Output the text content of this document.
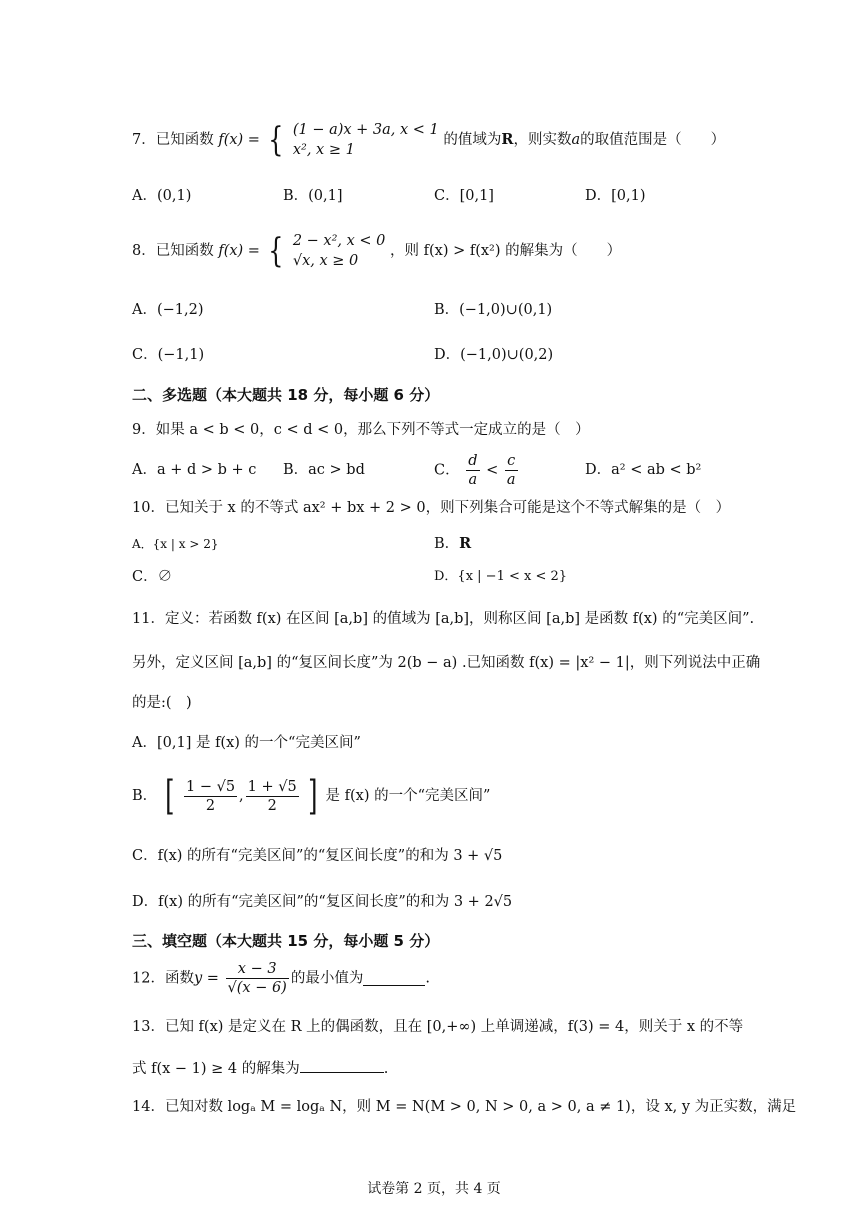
7．已知函数 f(x) = { (1 − a)x + 3a, x < 1
x², x ≥ 1
的值域为R，则实数a的取值范围是（　　）
A．(0,1)	B．(0,1]	C．[0,1]	D．[0,1)
8．已知函数 f(x) = { 2 − x², x < 0
√x, x ≥ 0
，则 f(x) > f(x²) 的解集为（　　）
A．(−1,2)	B．(−1,0)∪(0,1)
C．(−1,1)	D．(−1,0)∪(0,2)
二、多选题（本大题共 18 分，每小题 6 分）
9．如果 a < b < 0，c < d < 0，那么下列不等式一定成立的是（　）
A．a + d > b + c B．ac > bd	C． $\frac{d}{a} < \frac{c}{a}$	D．a² < ab < b²
10．已知关于 x 的不等式 ax² + bx + 2 > 0，则下列集合可能是这个不等式解集的是（　）
A．{x | x > 2}	B．R
C．∅	D．{x | −1 < x < 2}
11．定义：若函数 f(x) 在区间 [a,b] 的值域为 [a,b]，则称区间 [a,b] 是函数 f(x) 的“完美区间”.
另外，定义区间 [a,b] 的“复区间长度”为 2(b − a) .已知函数 f(x) = |x² − 1|，则下列说法中正确
的是:(　)
A．[0,1] 是 f(x) 的一个“完美区间”
B． [ $\frac{1 - √5}{2}$ , $\frac{1 + √5}{2}$ ] 是 f(x) 的一个“完美区间”
C．f(x) 的所有“完美区间”的“复区间长度”的和为 3 + √5
D．f(x) 的所有“完美区间”的“复区间长度”的和为 3 + 2√5
三、填空题（本大题共 15 分，每小题 5 分）
12．函数$y = \frac{x - 3}{√(x - 6)}$ 的最小值为	.
13．已知 f(x) 是定义在 R 上的偶函数，且在 [0,+∞) 上单调递减，f(3) = 4，则关于 x 的不等
式 f(x − 1) ≥ 4 的解集为	.
14．已知对数 logₐ M = logₐ N，则 M = N(M > 0, N > 0, a > 0, a ≠ 1)，设 x, y 为正实数，满足
试卷第 2 页，共 4 页
